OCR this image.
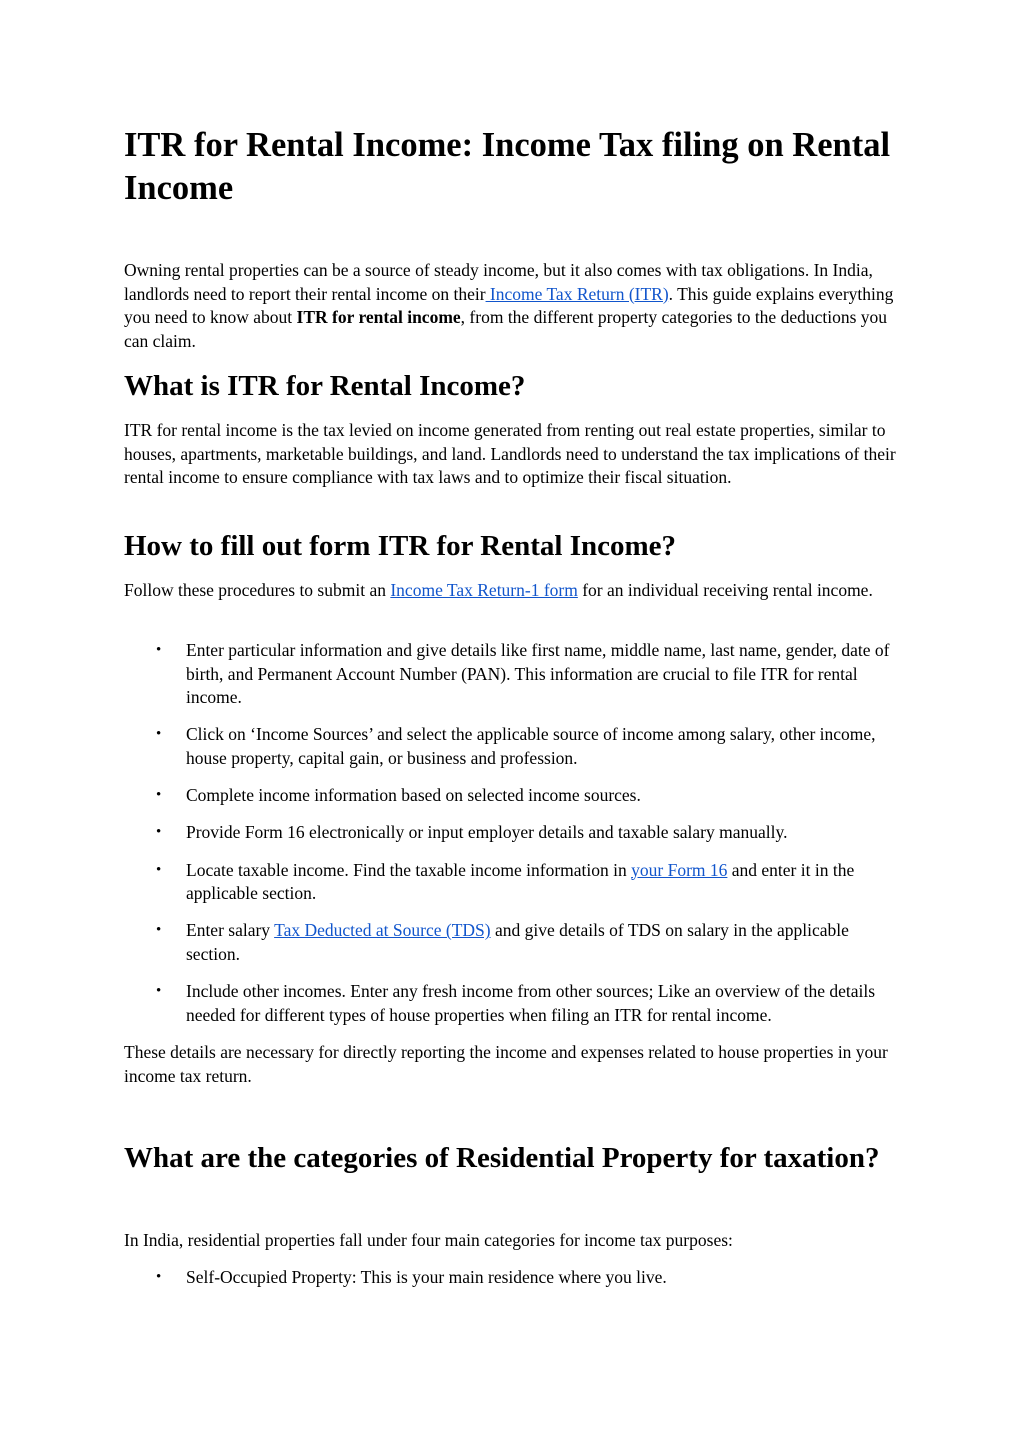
ITR for Rental Income: Income Tax filing on Rental Income

Owning rental properties can be a source of steady income, but it also comes with tax obligations. In India, landlords need to report their rental income on their Income Tax Return (ITR). This guide explains everything you need to know about ITR for rental income, from the different property categories to the deductions you can claim.

What is ITR for Rental Income?

ITR for rental income is the tax levied on income generated from renting out real estate properties, similar to houses, apartments, marketable buildings, and land. Landlords need to understand the tax implications of their rental income to ensure compliance with tax laws and to optimize their fiscal situation.

How to fill out form ITR for Rental Income?

Follow these procedures to submit an Income Tax Return-1 form for an individual receiving rental income.

• Enter particular information and give details like first name, middle name, last name, gender, date of birth, and Permanent Account Number (PAN). This information are crucial to file ITR for rental income.
• Click on ‘Income Sources’ and select the applicable source of income among salary, other income, house property, capital gain, or business and profession.
• Complete income information based on selected income sources.
• Provide Form 16 electronically or input employer details and taxable salary manually.
• Locate taxable income. Find the taxable income information in your Form 16 and enter it in the applicable section.
• Enter salary Tax Deducted at Source (TDS) and give details of TDS on salary in the applicable section.
• Include other incomes. Enter any fresh income from other sources; Like an overview of the details needed for different types of house properties when filing an ITR for rental income.

These details are necessary for directly reporting the income and expenses related to house properties in your income tax return.

What are the categories of Residential Property for taxation?

In India, residential properties fall under four main categories for income tax purposes:

• Self-Occupied Property: This is your main residence where you live.
